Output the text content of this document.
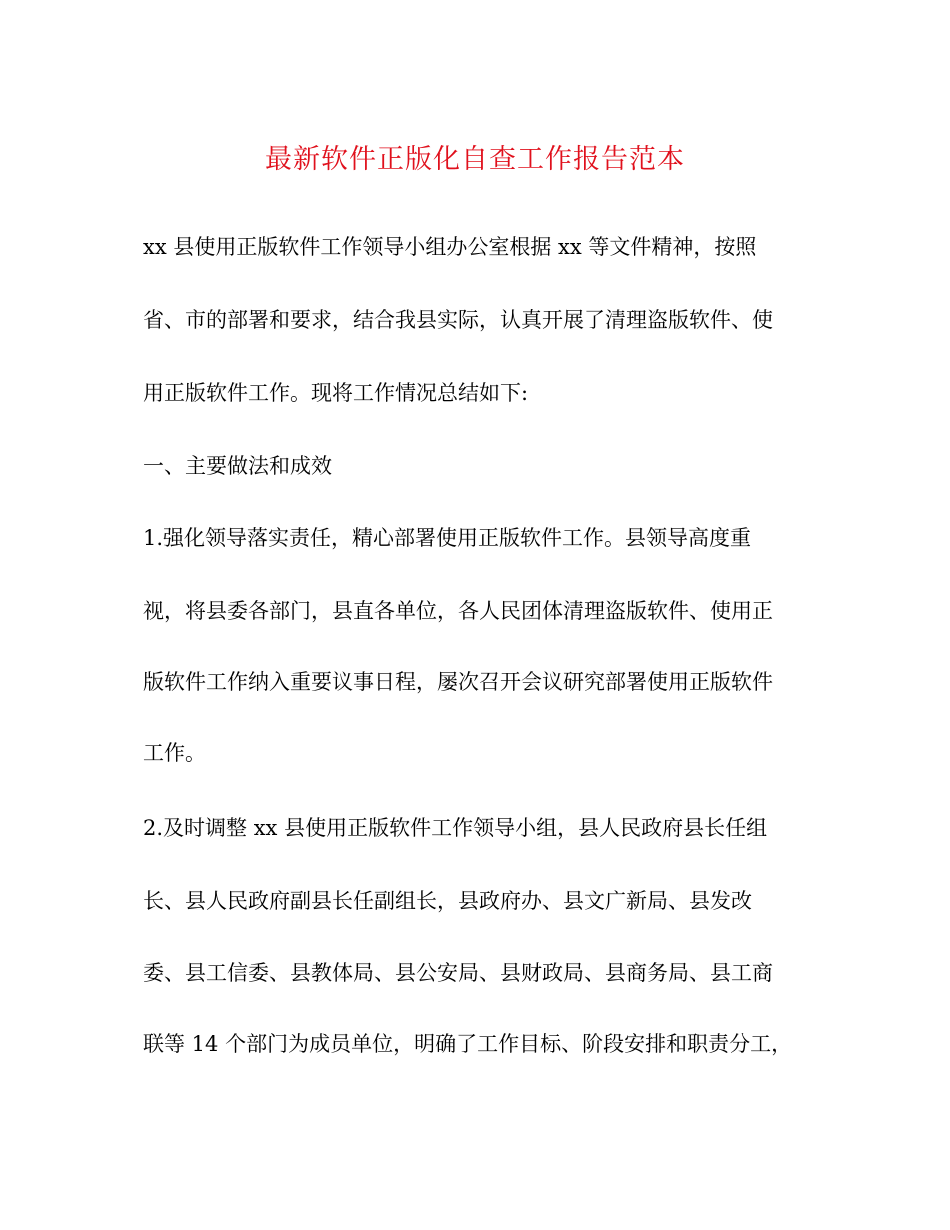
最新软件正版化自查工作报告范本

xx 县使用正版软件工作领导小组办公室根据 xx 等文件精神，按照

省、市的部署和要求，结合我县实际，认真开展了清理盗版软件、使

用正版软件工作。现将工作情况总结如下:

一、主要做法和成效

1.强化领导落实责任，精心部署使用正版软件工作。县领导高度重

视，将县委各部门，县直各单位，各人民团体清理盗版软件、使用正

版软件工作纳入重要议事日程，屡次召开会议研究部署使用正版软件

工作。

2.及时调整 xx 县使用正版软件工作领导小组，县人民政府县长任组

长、县人民政府副县长任副组长，县政府办、县文广新局、县发改

委、县工信委、县教体局、县公安局、县财政局、县商务局、县工商

联等 14 个部门为成员单位，明确了工作目标、阶段安排和职责分工，
